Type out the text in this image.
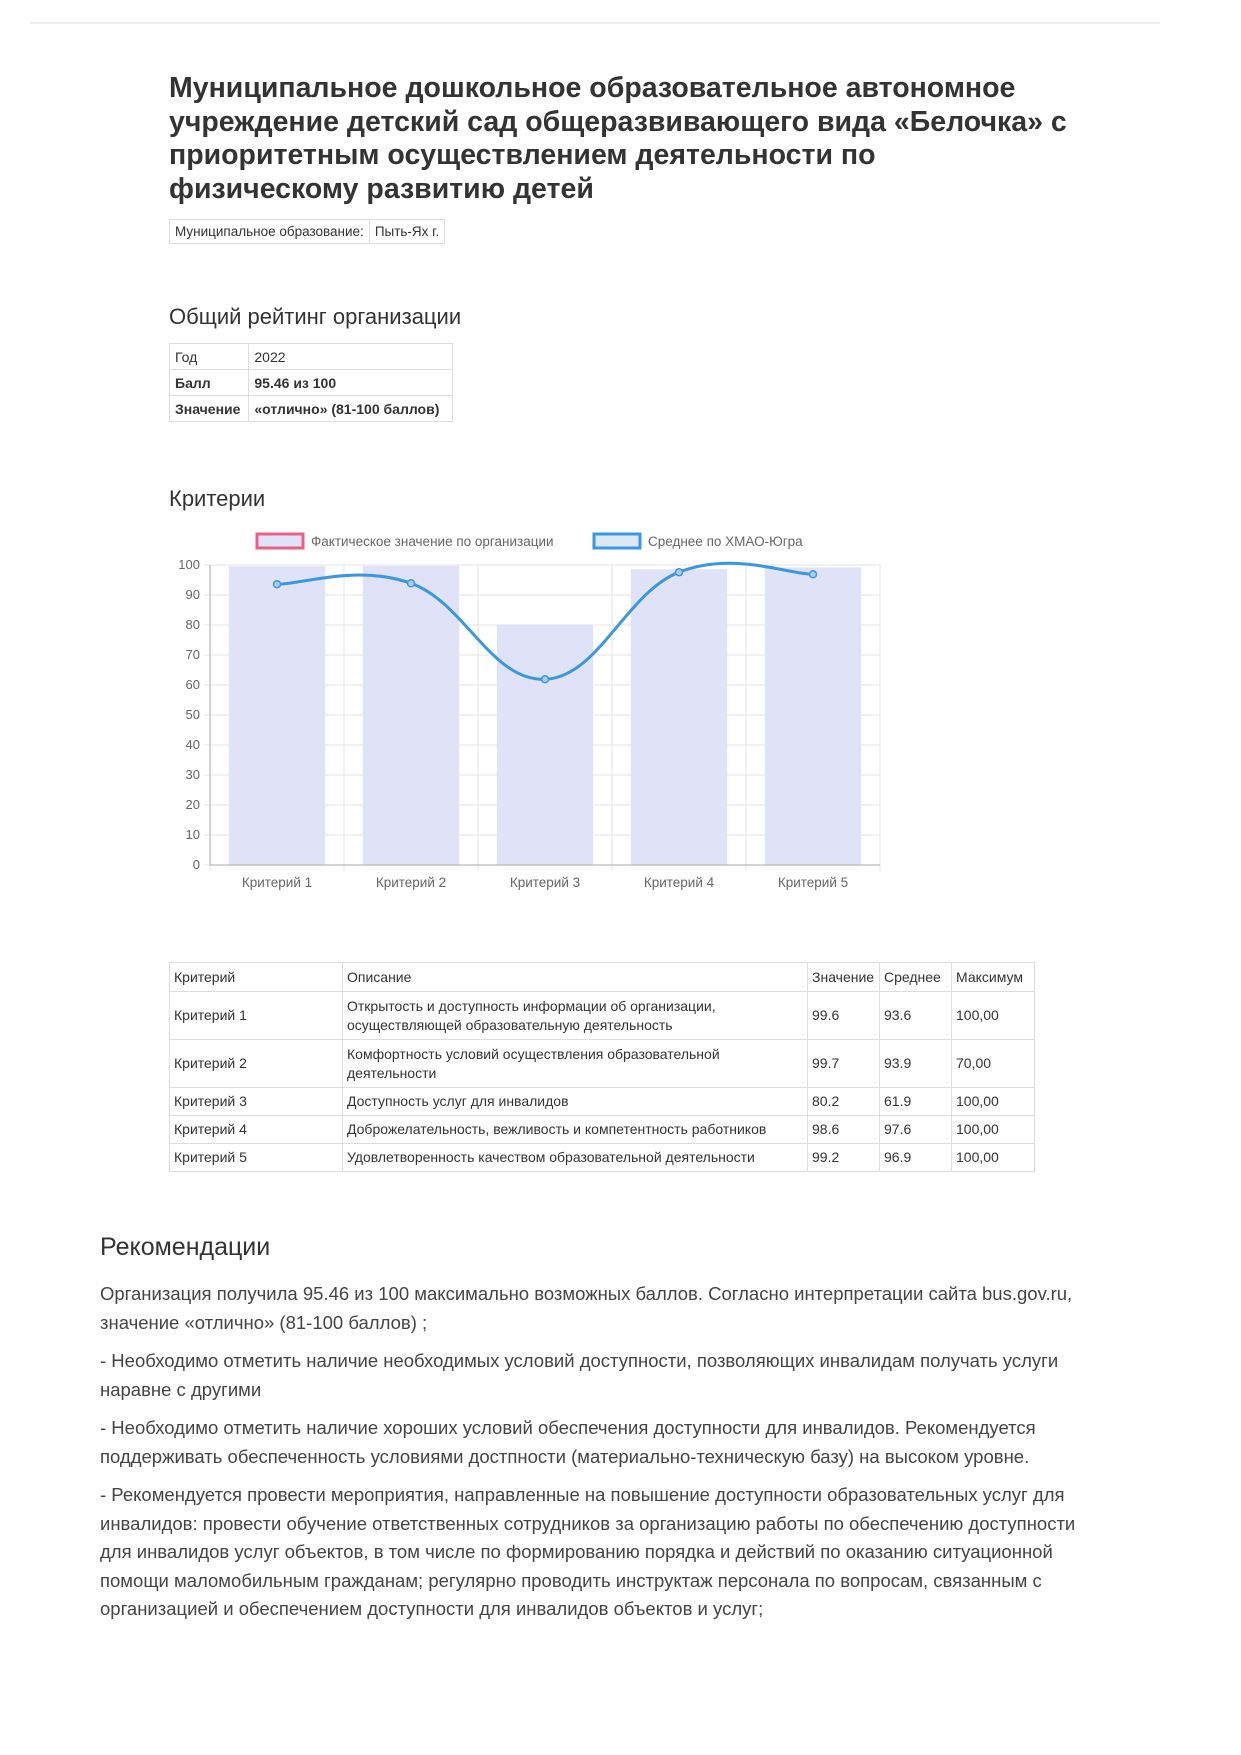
Муниципальное дошкольное образовательное автономное учреждение детский сад общеразвивающего вида «Белочка» с приоритетным осуществлением деятельности по физическому развитию детей
Муниципальное образование:	Пыть-Ях г.
Общий рейтинг организации
Год	2022
Балл	95.46 из 100
Значение	«отлично» (81-100 баллов)
Критерии
0
10
20
30
40
50
60
70
80
90
100
Критерий 1	Критерий 2	Критерий 3	Критерий 4	Критерий 5
Фактическое значение по организации	Среднее по ХМАО-Югра
Критерий	Описание	Значение	Среднее	Максимум
Критерий 1	Открытость и доступность информации об организации, осуществляющей образовательную деятельность	99.6	93.6	100,00
Критерий 2	Комфортность условий осуществления образовательной деятельности	99.7	93.9	70,00
Критерий 3	Доступность услуг для инвалидов	80.2	61.9	100,00
Критерий 4	Доброжелательность, вежливость и компетентность работников	98.6	97.6	100,00
Критерий 5	Удовлетворенность качеством образовательной деятельности	99.2	96.9	100,00
Рекомендации

Организация получила 95.46 из 100 максимально возможных баллов. Согласно интерпретации сайта bus.gov.ru, значение «отлично» (81-100 баллов) ;

- Необходимо отметить наличие необходимых условий доступности, позволяющих инвалидам получать услуги наравне с другими

- Необходимо отметить наличие хороших условий обеспечения доступности для инвалидов. Рекомендуется поддерживать обеспеченность условиями достпности (материально-техническую базу) на высоком уровне.

- Рекомендуется провести мероприятия, направленные на повышение доступности образовательных услуг для инвалидов: провести обучение ответственных сотрудников за организацию работы по обеспечению доступности для инвалидов услуг объектов, в том числе по формированию порядка и действий по оказанию ситуационной помощи маломобильным гражданам; регулярно проводить инструктаж персонала по вопросам, связанным с организацией и обеспечением доступности для инвалидов объектов и услуг;
